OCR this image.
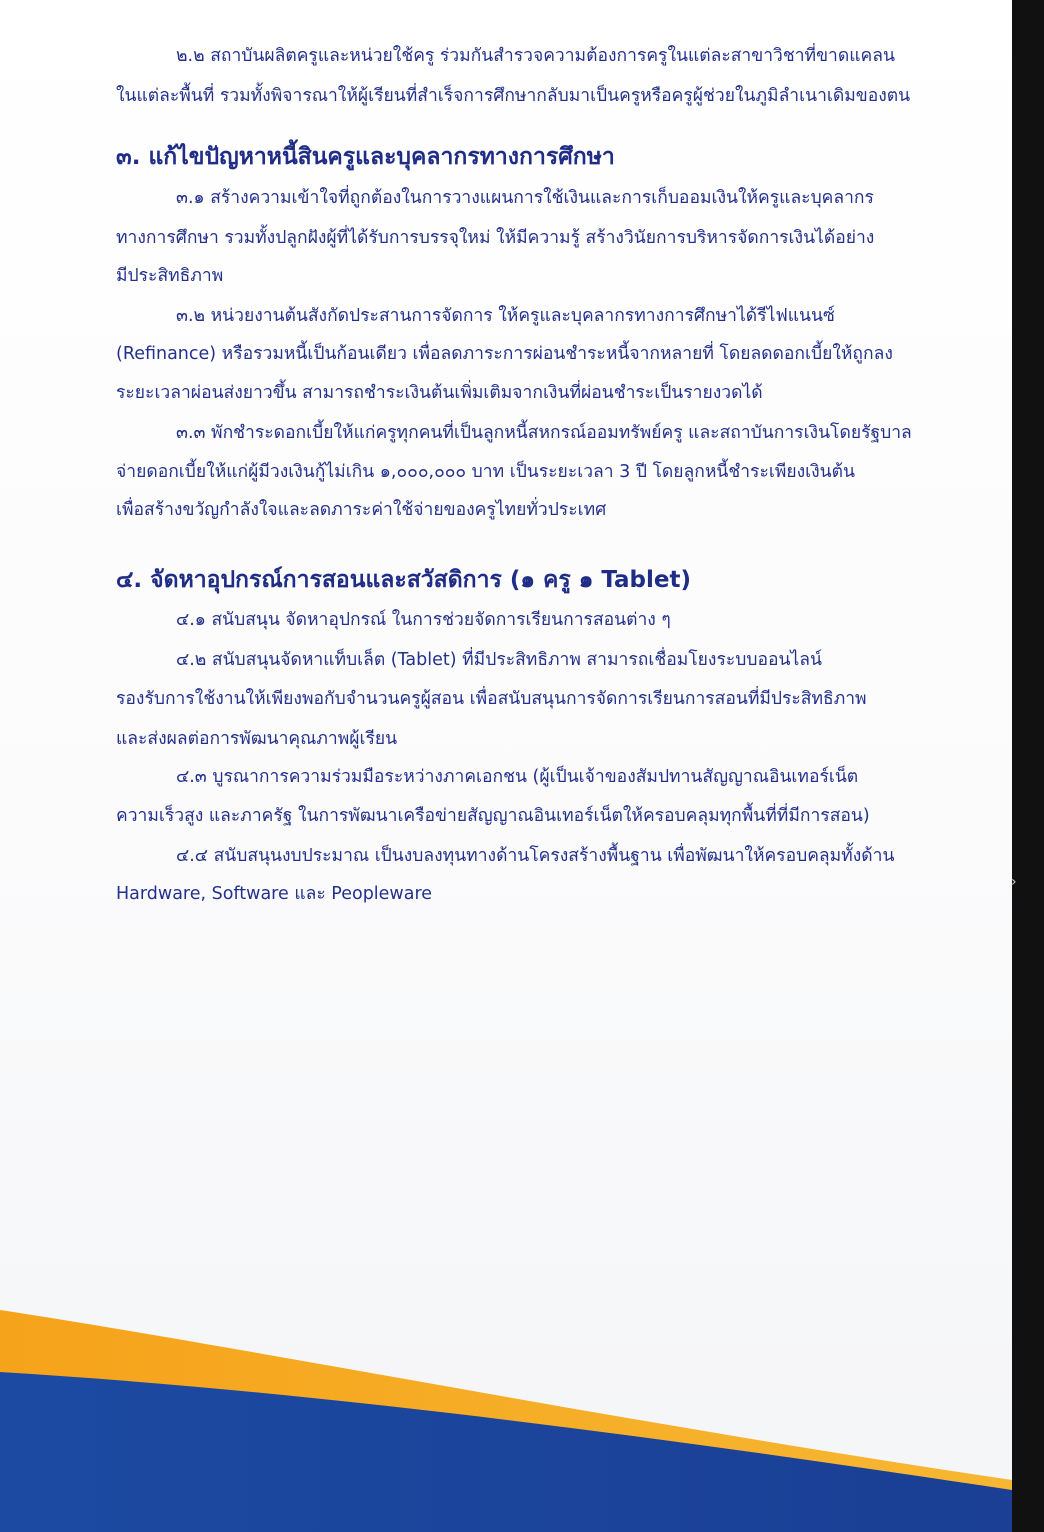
๒.๒ สถาบันผลิตครูและหน่วยใช้ครู ร่วมกันสำรวจความต้องการครูในแต่ละสาขาวิชาที่ขาดแคลน
ในแต่ละพื้นที่ รวมทั้งพิจารณาให้ผู้เรียนที่สำเร็จการศึกษากลับมาเป็นครูหรือครูผู้ช่วยในภูมิลำเนาเดิมของตน
๓. แก้ไขปัญหาหนี้สินครูและบุคลากรทางการศึกษา
๓.๑ สร้างความเข้าใจที่ถูกต้องในการวางแผนการใช้เงินและการเก็บออมเงินให้ครูและบุคลากร
ทางการศึกษา รวมทั้งปลูกฝังผู้ที่ได้รับการบรรจุใหม่ ให้มีความรู้ สร้างวินัยการบริหารจัดการเงินได้อย่าง
มีประสิทธิภาพ
๓.๒ หน่วยงานต้นสังกัดประสานการจัดการ ให้ครูและบุคลากรทางการศึกษาได้รีไฟแนนซ์
(Refinance) หรือรวมหนี้เป็นก้อนเดียว เพื่อลดภาระการผ่อนชำระหนี้จากหลายที่ โดยลดดอกเบี้ยให้ถูกลง
ระยะเวลาผ่อนส่งยาวขึ้น สามารถชำระเงินต้นเพิ่มเติมจากเงินที่ผ่อนชำระเป็นรายงวดได้
๓.๓ พักชำระดอกเบี้ยให้แก่ครูทุกคนที่เป็นลูกหนี้สหกรณ์ออมทรัพย์ครู และสถาบันการเงินโดยรัฐบาล
จ่ายดอกเบี้ยให้แก่ผู้มีวงเงินกู้ไม่เกิน ๑,๐๐๐,๐๐๐ บาท เป็นระยะเวลา 3 ปี โดยลูกหนี้ชำระเพียงเงินต้น
เพื่อสร้างขวัญกำลังใจและลดภาระค่าใช้จ่ายของครูไทยทั่วประเทศ
๔. จัดหาอุปกรณ์การสอนและสวัสดิการ (๑ ครู ๑ Tablet)
๔.๑ สนับสนุน จัดหาอุปกรณ์ ในการช่วยจัดการเรียนการสอนต่าง ๆ
๔.๒ สนับสนุนจัดหาแท็บเล็ต (Tablet) ที่มีประสิทธิภาพ สามารถเชื่อมโยงระบบออนไลน์
รองรับการใช้งานให้เพียงพอกับจำนวนครูผู้สอน เพื่อสนับสนุนการจัดการเรียนการสอนที่มีประสิทธิภาพ
และส่งผลต่อการพัฒนาคุณภาพผู้เรียน
๔.๓ บูรณาการความร่วมมือระหว่างภาคเอกชน (ผู้เป็นเจ้าของสัมปทานสัญญาณอินเทอร์เน็ต
ความเร็วสูง และภาครัฐ ในการพัฒนาเครือข่ายสัญญาณอินเทอร์เน็ตให้ครอบคลุมทุกพื้นที่ที่มีการสอน)
๔.๔ สนับสนุนงบประมาณ เป็นงบลงทุนทางด้านโครงสร้างพื้นฐาน เพื่อพัฒนาให้ครอบคลุมทั้งด้าน
Hardware, Software และ Peopleware
›
